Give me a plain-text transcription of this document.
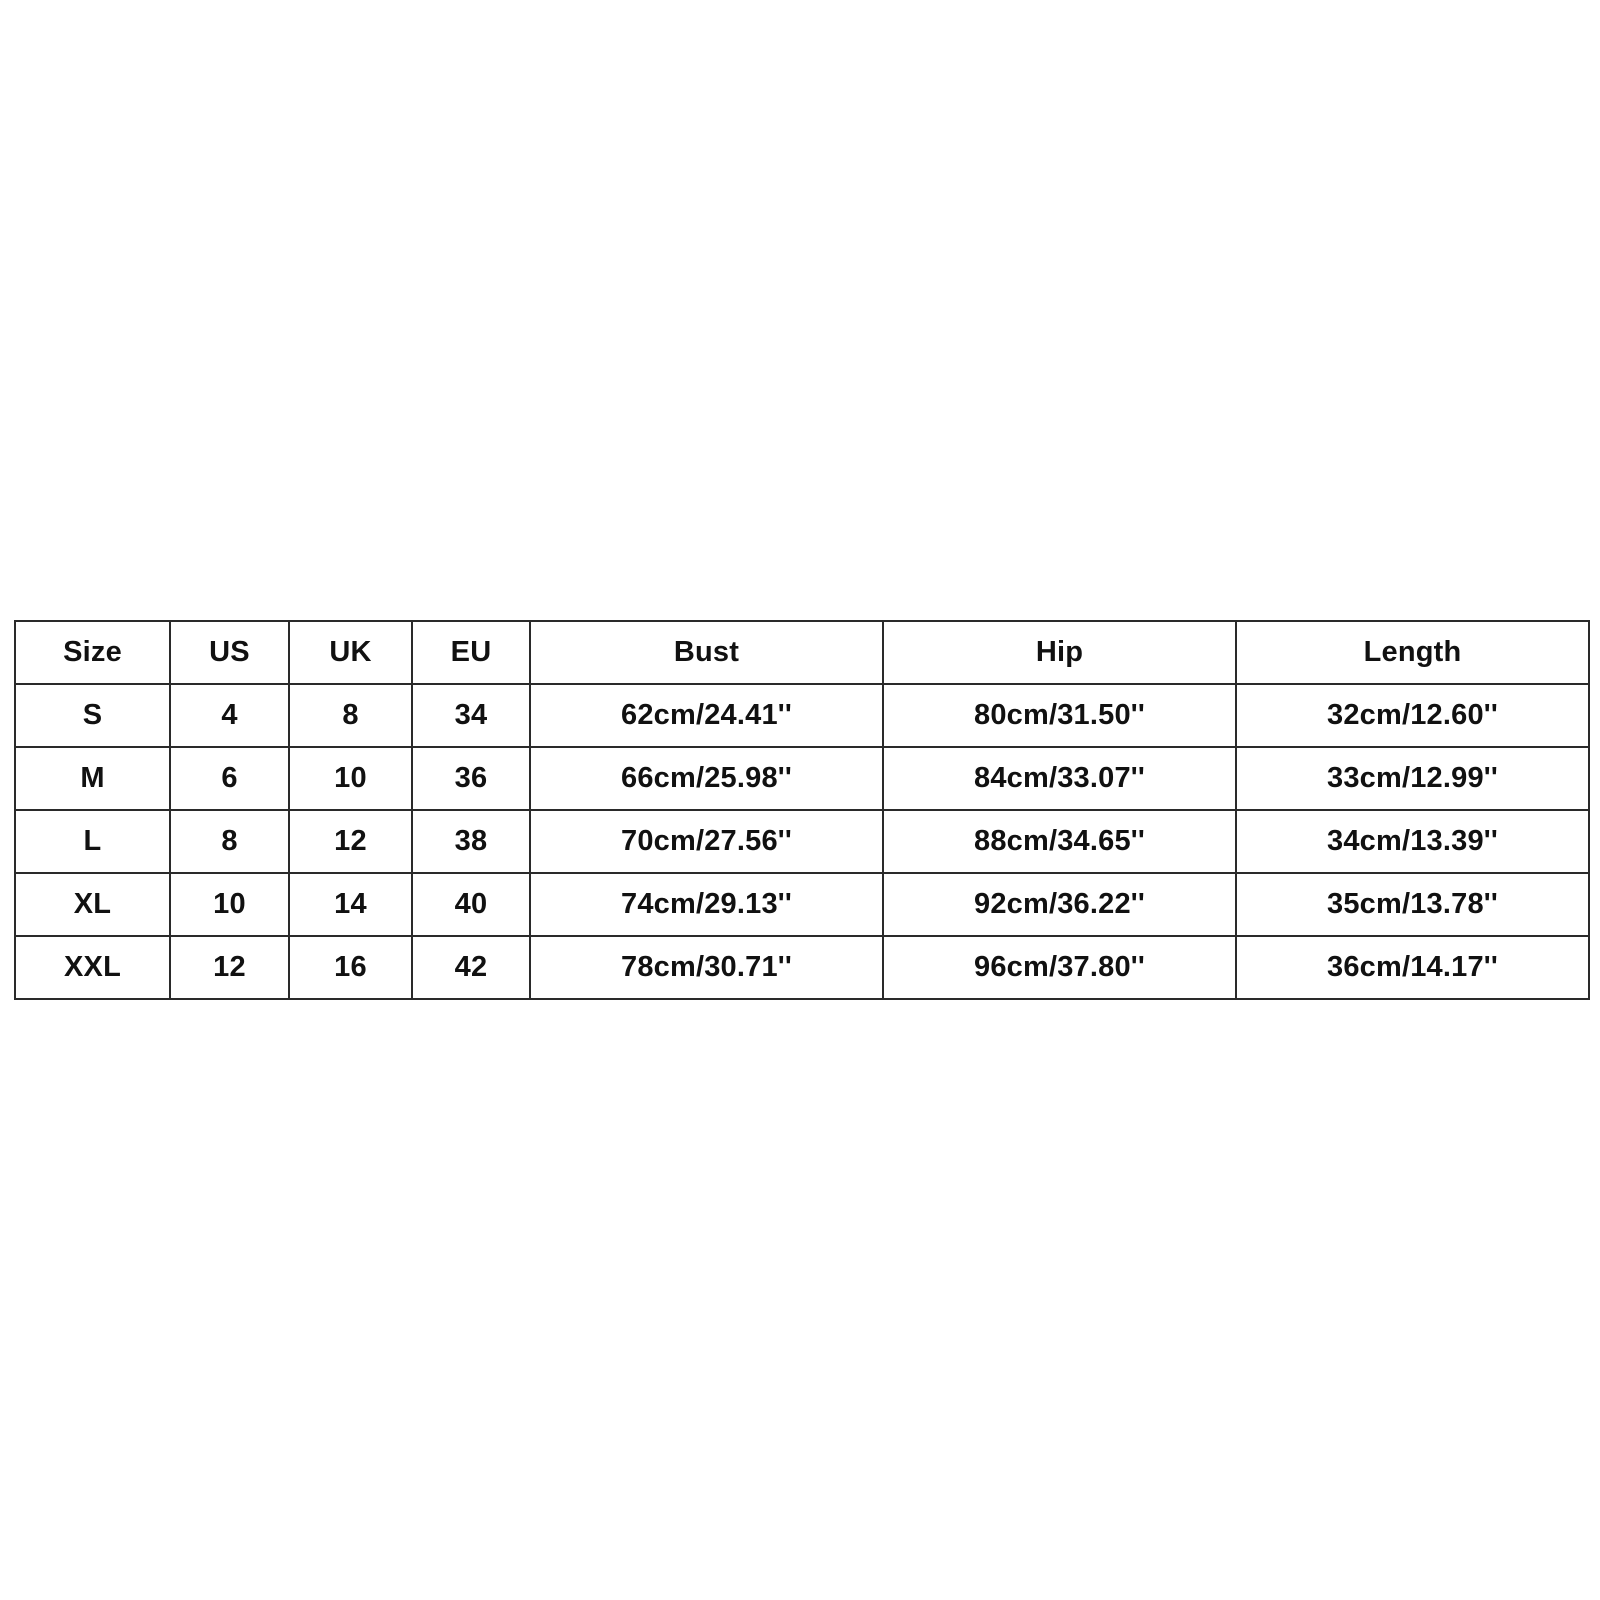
Size	US	UK	EU	Bust	Hip	Length
S	4	8	34	62cm/24.41''	80cm/31.50''	32cm/12.60''
M	6	10	36	66cm/25.98''	84cm/33.07''	33cm/12.99''
L	8	12	38	70cm/27.56''	88cm/34.65''	34cm/13.39''
XL	10	14	40	74cm/29.13''	92cm/36.22''	35cm/13.78''
XXL	12	16	42	78cm/30.71''	96cm/37.80''	36cm/14.17''
